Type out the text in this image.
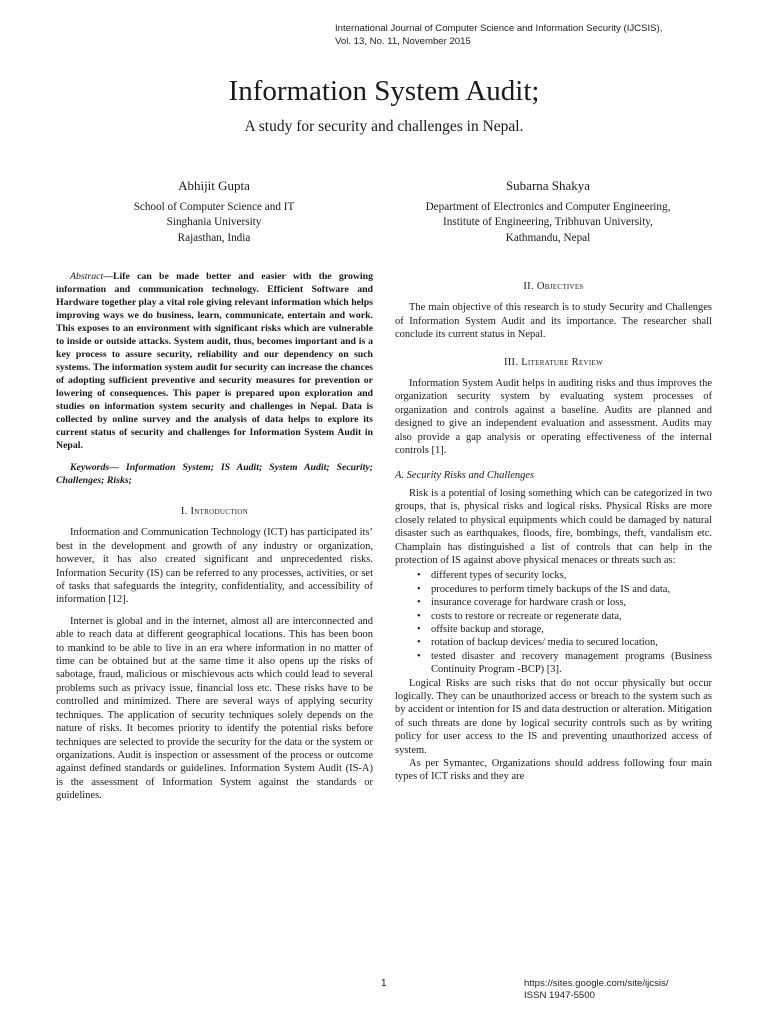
International Journal of Computer Science and Information Security (IJCSIS),
Vol. 13, No. 11, November 2015
Information System Audit;
A study for security and challenges in Nepal.
Abhijit Gupta
School of Computer Science and IT
Singhania University
Rajasthan, India
Subarna Shakya
Department of Electronics and Computer Engineering,
Institute of Engineering, Tribhuvan University,
Kathmandu, Nepal

Abstract—Life can be made better and easier with the growing information and communication technology. Efficient Software and Hardware together play a vital role giving relevant information which helps improving ways we do business, learn, communicate, entertain and work. This exposes to an environment with significant risks which are vulnerable to inside or outside attacks. System audit, thus, becomes important and is a key process to assure security, reliability and our dependency on such systems. The information system audit for security can increase the chances of adopting sufficient preventive and security measures for prevention or lowering of consequences. This paper is prepared upon exploration and studies on information system security and challenges in Nepal. Data is collected by online survey and the analysis of data helps to explore its current status of security and challenges for Information System Audit in Nepal.

Keywords— Information System; IS Audit; System Audit; Security; Challenges; Risks;

I. Introduction

Information and Communication Technology (ICT) has participated its’ best in the development and growth of any industry or organization, however, it has also created significant and unprecedented risks. Information Security (IS) can be referred to any processes, activities, or set of tasks that safeguards the integrity, confidentiality, and accessibility of information [12].

Internet is global and in the internet, almost all are interconnected and able to reach data at different geographical locations. This has been boon to mankind to be able to live in an era where information in no matter of time can be obtained but at the same time it also opens up the risks of sabotage, fraud, malicious or mischievous acts which could lead to several problems such as privacy issue, financial loss etc. These risks have to be controlled and minimized. There are several ways of applying security techniques. The application of security techniques solely depends on the nature of risks. It becomes priority to identify the potential risks before techniques are selected to provide the security for the data or the system or organizations. Audit is inspection or assessment of the process or outcome against defined standards or guidelines. Information System Audit (IS-A) is the assessment of Information System against the standards or guidelines.

II. Objectives

The main objective of this research is to study Security and Challenges of Information System Audit and its importance. The researcher shall conclude its current status in Nepal.

III. Literature Review

Information System Audit helps in auditing risks and thus improves the organization security system by evaluating system processes of organization and controls against a baseline. Audits are planned and designed to give an independent evaluation and assessment. Audits may also provide a gap analysis or operating effectiveness of the internal controls [1].

A. Security Risks and Challenges

Risk is a potential of losing something which can be categorized in two groups, that is, physical risks and logical risks. Physical Risks are more closely related to physical equipments which could be damaged by natural disaster such as earthquakes, floods, fire, bombings, theft, vandalism etc. Champlain has distinguished a list of controls that can help in the protection of IS against above physical menaces or threats such as:

• different types of security locks,
• procedures to perform timely backups of the IS and data,
• insurance coverage for hardware crash or loss,
• costs to restore or recreate or regenerate data,
• offsite backup and storage,
• rotation of backup devices/ media to secured location,
• tested disaster and recovery management programs (Business Continuity Program -BCP) [3].

Logical Risks are such risks that do not occur physically but occur logically. They can be unauthorized access or breach to the system such as by accident or intention for IS and data destruction or alteration. Mitigation of such threats are done by logical security controls such as by writing policy for user access to the IS and preventing unauthorized access of system.

As per Symantec, Organizations should address following four main types of ICT risks and they are

1	https://sites.google.com/site/ijcsis/
ISSN 1947-5500
